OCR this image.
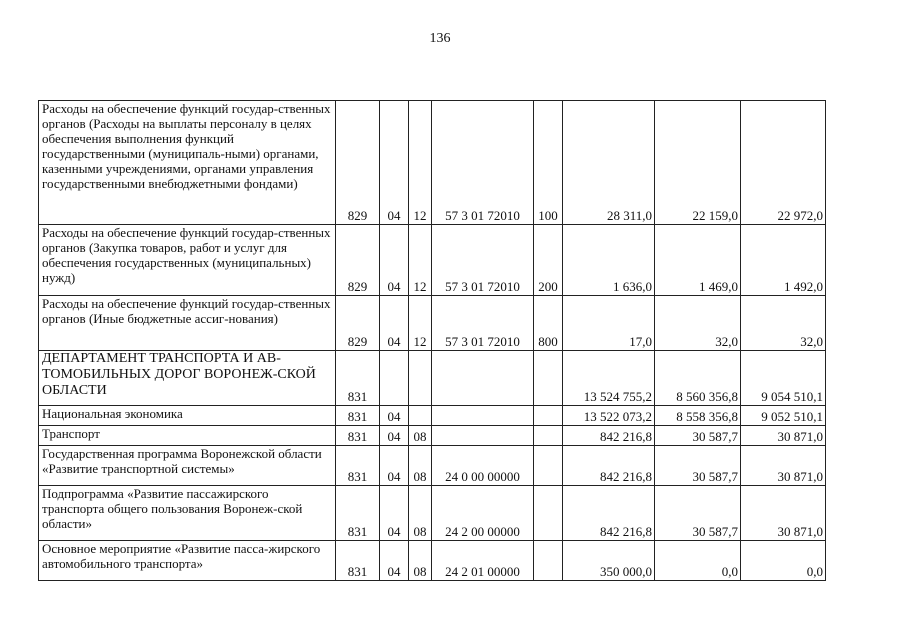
136
Расходы на обеспечение функций государ-ственных органов (Расходы на выплаты персоналу в целях обеспечения выполнения функций государственными (муниципаль-ными) органами, казенными учреждениями, органами управления государственными внебюджетными фондами)	829	04	12	57 3 01 72010	100	28 311,0	22 159,0	22 972,0
Расходы на обеспечение функций государ-ственных органов (Закупка товаров, работ и услуг для обеспечения государственных (муниципальных) нужд)	829	04	12	57 3 01 72010	200	1 636,0	1 469,0	1 492,0
Расходы на обеспечение функций государ-ственных органов (Иные бюджетные ассиг-нования)	829	04	12	57 3 01 72010	800	17,0	32,0	32,0
ДЕПАРТАМЕНТ ТРАНСПОРТА И АВ-ТОМОБИЛЬНЫХ ДОРОГ ВОРОНЕЖ-СКОЙ ОБЛАСТИ	831					13 524 755,2	8 560 356,8	9 054 510,1
Национальная экономика	831	04				13 522 073,2	8 558 356,8	9 052 510,1
Транспорт	831	04	08			842 216,8	30 587,7	30 871,0
Государственная программа Воронежской области «Развитие транспортной системы»	831	04	08	24 0 00 00000		842 216,8	30 587,7	30 871,0
Подпрограмма «Развитие пассажирского транспорта общего пользования Воронеж-ской области»	831	04	08	24 2 00 00000		842 216,8	30 587,7	30 871,0
Основное мероприятие «Развитие пасса-жирского автомобильного транспорта»	831	04	08	24 2 01 00000		350 000,0	0,0	0,0
